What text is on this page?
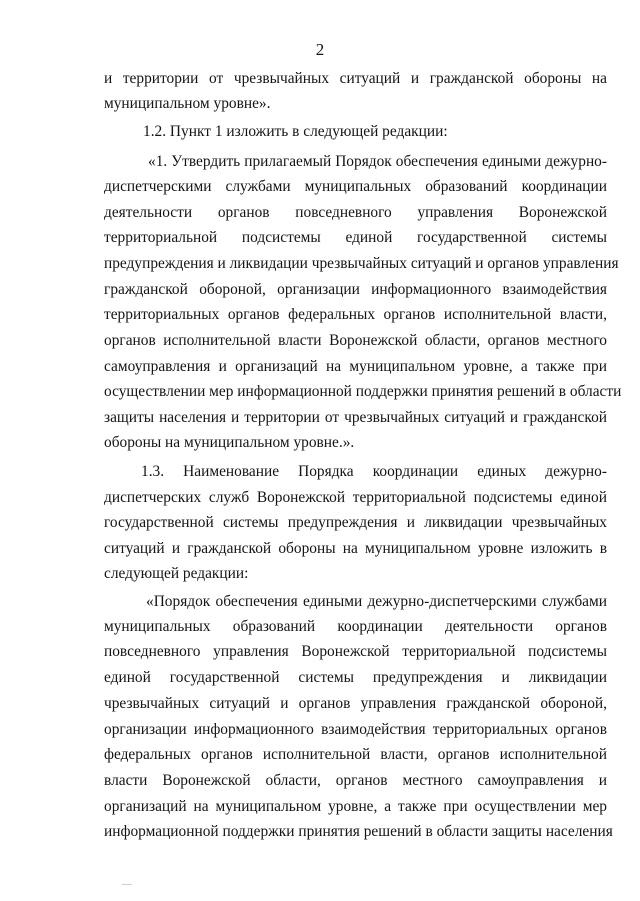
2
и территории от чрезвычайных ситуаций и гражданской обороны на
муниципальном уровне».
1.2. Пункт 1 изложить в следующей редакции:
«1. Утвердить прилагаемый Порядок обеспечения едиными дежурно-
диспетчерскими службами муниципальных образований координации
деятельности органов повседневного управления Воронежской
территориальной подсистемы единой государственной системы
предупреждения и ликвидации чрезвычайных ситуаций и органов управления
гражданской обороной, организации информационного взаимодействия
территориальных органов федеральных органов исполнительной власти,
органов исполнительной власти Воронежской области, органов местного
самоуправления и организаций на муниципальном уровне, а также при
осуществлении мер информационной поддержки принятия решений в области
защиты населения и территории от чрезвычайных ситуаций и гражданской
обороны на муниципальном уровне.».
1.3. Наименование Порядка координации единых дежурно-
диспетчерских служб Воронежской территориальной подсистемы единой
государственной системы предупреждения и ликвидации чрезвычайных
ситуаций и гражданской обороны на муниципальном уровне изложить в
следующей редакции:
«Порядок обеспечения едиными дежурно-диспетчерскими службами
муниципальных образований координации деятельности органов
повседневного управления Воронежской территориальной подсистемы
единой государственной системы предупреждения и ликвидации
чрезвычайных ситуаций и органов управления гражданской обороной,
организации информационного взаимодействия территориальных органов
федеральных органов исполнительной власти, органов исполнительной
власти Воронежской области, органов местного самоуправления и
организаций на муниципальном уровне, а также при осуществлении мер
информационной поддержки принятия решений в области защиты населения
